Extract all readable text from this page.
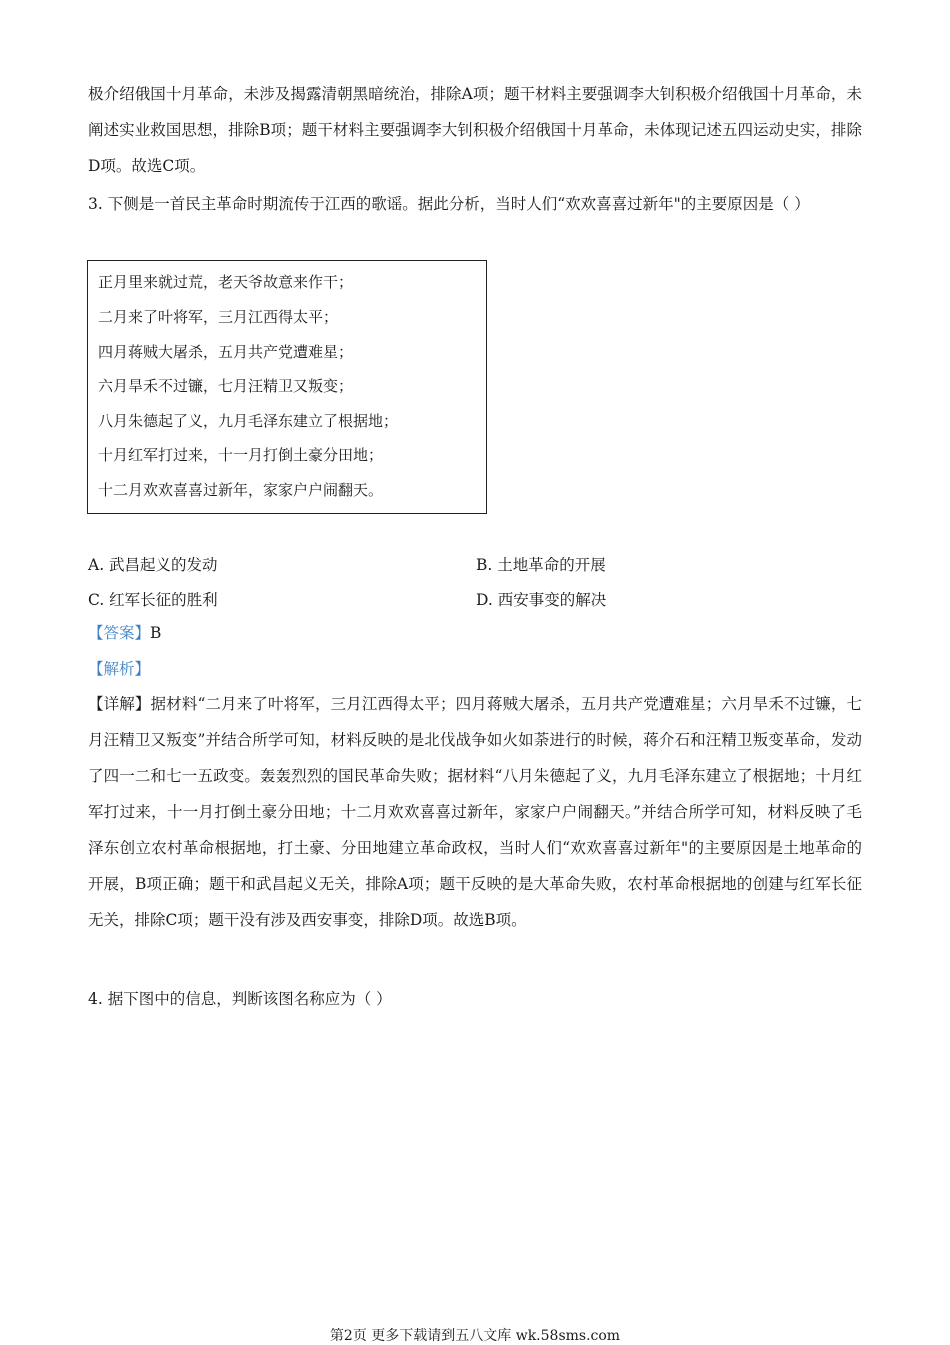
极介绍俄国十月革命，未涉及揭露清朝黑暗统治，排除A项；题干材料主要强调李大钊积极介绍俄国十月革命，未阐述实业救国思想，排除B项；题干材料主要强调李大钊积极介绍俄国十月革命，未体现记述五四运动史实，排除D项。故选C项。

3. 下侧是一首民主革命时期流传于江西的歌谣。据此分析，当时人们“欢欢喜喜过新年"的主要原因是（ ）

正月里来就过荒，老天爷故意来作干；
二月来了叶将军，三月江西得太平；
四月蒋贼大屠杀，五月共产党遭难星；
六月旱禾不过镰，七月汪精卫又叛变；
八月朱德起了义，九月毛泽东建立了根据地；
十月红军打过来，十一月打倒土豪分田地；
十二月欢欢喜喜过新年，家家户户闹翻天。
A. 武昌起义的发动	B. 土地革命的开展
C. 红军长征的胜利	D. 西安事变的解决
【答案】B
【解析】

【详解】据材料“二月来了叶将军，三月江西得太平；四月蒋贼大屠杀，五月共产党遭难星；六月旱禾不过镰，七月汪精卫又叛变”并结合所学可知，材料反映的是北伐战争如火如荼进行的时候，蒋介石和汪精卫叛变革命，发动了四一二和七一五政变。轰轰烈烈的国民革命失败；据材料“八月朱德起了义，九月毛泽东建立了根据地；十月红军打过来，十一月打倒土豪分田地；十二月欢欢喜喜过新年，家家户户闹翻天。”并结合所学可知，材料反映了毛泽东创立农村革命根据地，打土豪、分田地建立革命政权，当时人们“欢欢喜喜过新年"的主要原因是土地革命的开展，B项正确；题干和武昌起义无关，排除A项；题干反映的是大革命失败，农村革命根据地的创建与红军长征无关，排除C项；题干没有涉及西安事变，排除D项。故选B项。

4. 据下图中的信息，判断该图名称应为（ ）
第2页 更多下载请到五八文库 wk.58sms.com
